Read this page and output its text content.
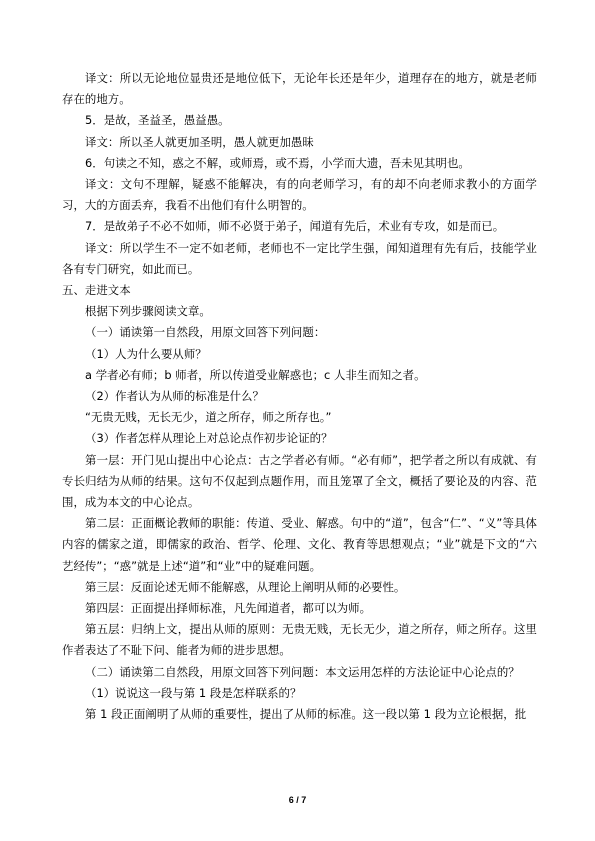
译文：所以无论地位显贵还是地位低下，无论年长还是年少，道理存在的地方，就是老师存在的地方。

5．是故，圣益圣，愚益愚。

译文：所以圣人就更加圣明，愚人就更加愚昧

6．句读之不知，惑之不解，或师焉，或不焉，小学而大遗，吾未见其明也。

译文：文句不理解，疑惑不能解决，有的向老师学习，有的却不向老师求教小的方面学习，大的方面丢弃，我看不出他们有什么明智的。

7．是故弟子不必不如师，师不必贤于弟子，闻道有先后，术业有专攻，如是而已。

译文：所以学生不一定不如老师，老师也不一定比学生强，闻知道理有先有后，技能学业各有专门研究，如此而已。

五、走进文本

根据下列步骤阅读文章。

（一）诵读第一自然段，用原文回答下列问题：

（1）人为什么要从师？

a 学者必有师；b 师者，所以传道受业解惑也；c 人非生而知之者。

（2）作者认为从师的标准是什么？

“无贵无贱，无长无少，道之所存，师之所存也。”

（3）作者怎样从理论上对总论点作初步论证的？

第一层：开门见山提出中心论点：古之学者必有师。“必有师”，把学者之所以有成就、有专长归结为从师的结果。这句不仅起到点题作用，而且笼罩了全文，概括了要论及的内容、范围，成为本文的中心论点。

第二层：正面概论教师的职能：传道、受业、解惑。句中的“道”，包含“仁”、“义”等具体内容的儒家之道，即儒家的政治、哲学、伦理、文化、教育等思想观点；“业”就是下文的“六艺经传”；“惑”就是上述“道”和“业”中的疑难问题。

第三层：反面论述无师不能解惑，从理论上阐明从师的必要性。

第四层：正面提出择师标准，凡先闻道者，都可以为师。

第五层：归纳上文，提出从师的原则：无贵无贱，无长无少，道之所存，师之所存。这里作者表达了不耻下问、能者为师的进步思想。

（二）诵读第二自然段，用原文回答下列问题：本文运用怎样的方法论证中心论点的？

（1）说说这一段与第 1 段是怎样联系的？

第 1 段正面阐明了从师的重要性，提出了从师的标准。这一段以第 1 段为立论根据，批

6 / 7
